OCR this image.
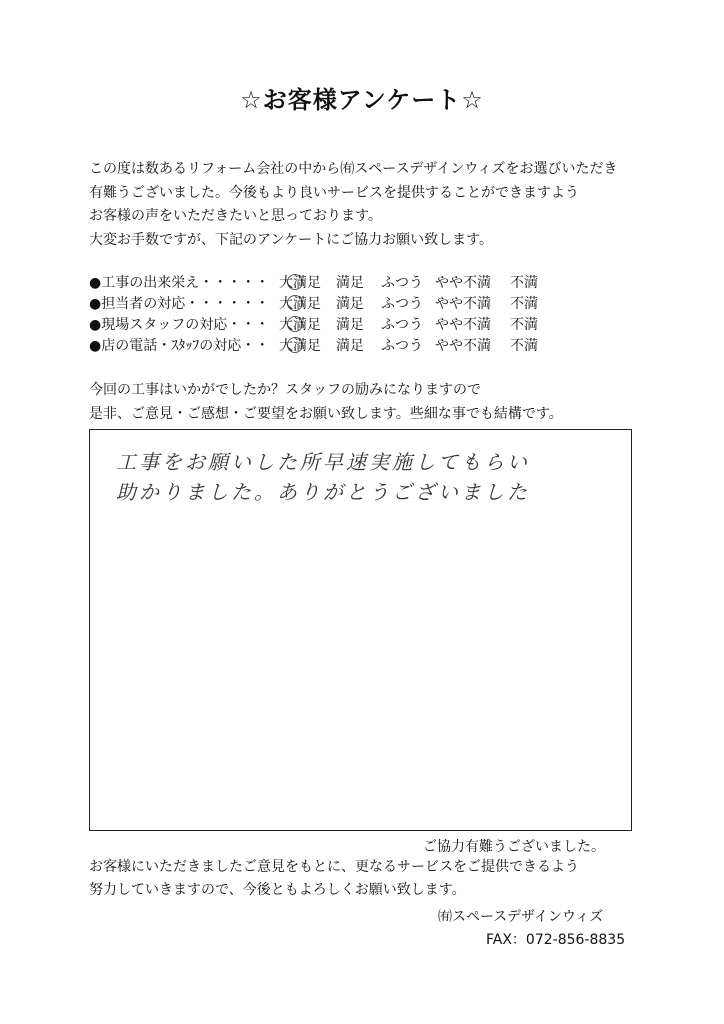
☆お客様アンケート☆
この度は数あるリフォーム会社の中から㈲スペースデザインウィズをお選びいただき
有難うございました。今後もより良いサービスを提供することができますよう
お客様の声をいただきたいと思っております。
大変お手数ですが、下記のアンケートにご協力お願い致します。
●工事の出来栄え・・・・・ 大満足 満足 ふつう やや不満 不満
●担当者の対応・・・・・・ 大満足 満足 ふつう やや不満 不満
●現場スタッフの対応・・・ 大満足 満足 ふつう やや不満 不満
●店の電話・ｽﾀｯﾌの対応・・ 大満足 満足 ふつう やや不満 不満
今回の工事はいかがでしたか？スタッフの励みになりますので
是非、ご意見・ご感想・ご要望をお願い致します。些細な事でも結構です。
工事をお願いした所早速実施してもらい
助かりました。ありがとうございました
ご協力有難うございました。
お客様にいただきましたご意見をもとに、更なるサービスをご提供できるよう
努力していきますので、今後ともよろしくお願い致します。
㈲スペースデザインウィズ
FAX：072-856-8835
